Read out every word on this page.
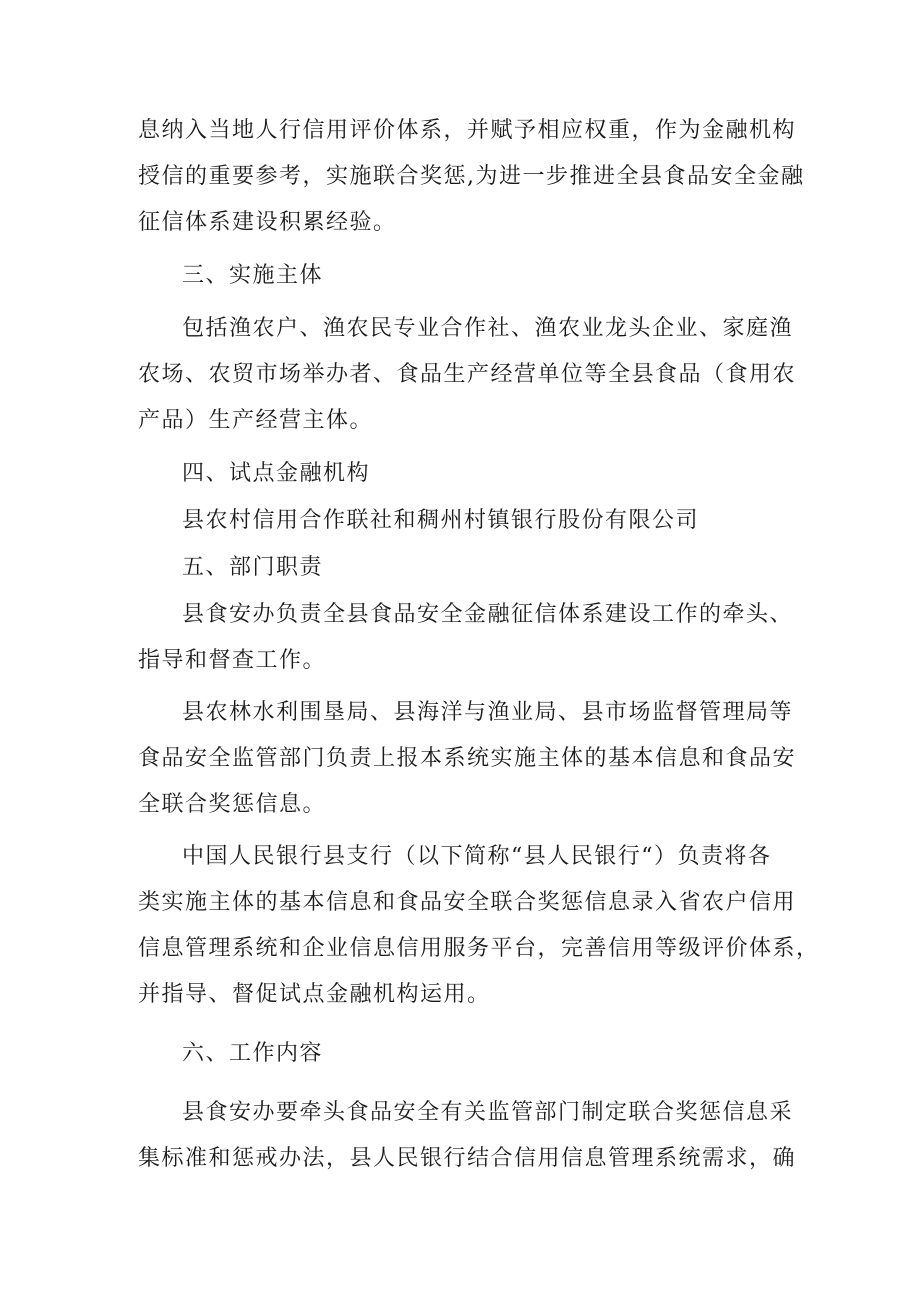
息纳入当地人行信用评价体系，并赋予相应权重，作为金融机构
授信的重要参考，实施联合奖惩,为进一步推进全县食品安全金融
征信体系建设积累经验。
三、实施主体
包括渔农户、渔农民专业合作社、渔农业龙头企业、家庭渔
农场、农贸市场举办者、食品生产经营单位等全县食品（食用农
产品）生产经营主体。
四、试点金融机构
县农村信用合作联社和稠州村镇银行股份有限公司
五、部门职责
县食安办负责全县食品安全金融征信体系建设工作的牵头、
指导和督查工作。
县农林水利围垦局、县海洋与渔业局、县市场监督管理局等
食品安全监管部门负责上报本系统实施主体的基本信息和食品安
全联合奖惩信息。
中国人民银行县支行（以下简称“县人民银行“）负责将各
类实施主体的基本信息和食品安全联合奖惩信息录入省农户信用
信息管理系统和企业信息信用服务平台，完善信用等级评价体系，
并指导、督促试点金融机构运用。
六、工作内容
县食安办要牵头食品安全有关监管部门制定联合奖惩信息采
集标准和惩戒办法，县人民银行结合信用信息管理系统需求，确
